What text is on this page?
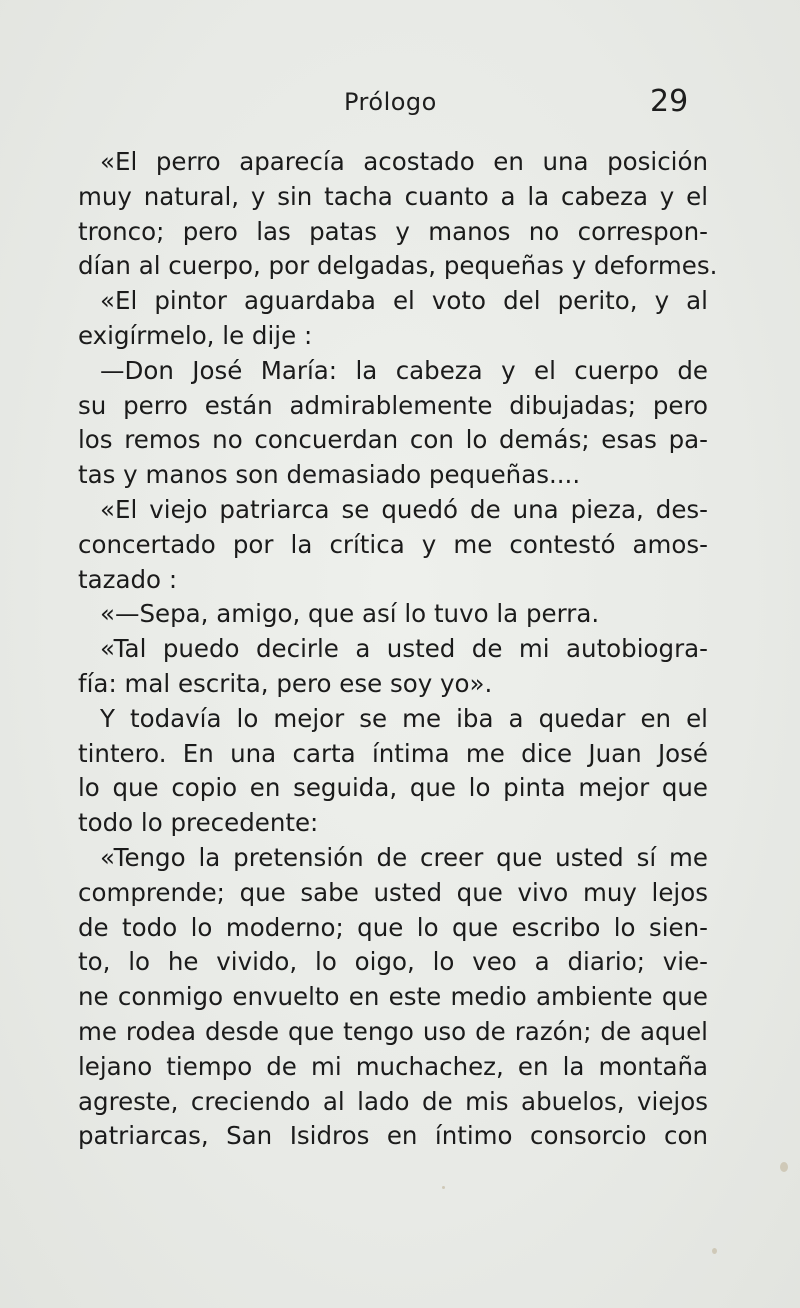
Prólogo	29
«El perro aparecía acostado en una posición
muy natural, y sin tacha cuanto a la cabeza y el
tronco; pero las patas y manos no correspon-
dían al cuerpo, por delgadas, pequeñas y deformes.
«El pintor aguardaba el voto del perito, y al
exigírmelo, le dije :
—Don José María: la cabeza y el cuerpo de
su perro están admirablemente dibujadas; pero
los remos no concuerdan con lo demás; esas pa-
tas y manos son demasiado pequeñas....
«El viejo patriarca se quedó de una pieza, des-
concertado por la crítica y me contestó amos-
tazado :
«—Sepa, amigo, que así lo tuvo la perra.
«Tal puedo decirle a usted de mi autobiogra-
fía: mal escrita, pero ese soy yo».
Y todavía lo mejor se me iba a quedar en el
tintero. En una carta íntima me dice Juan José
lo que copio en seguida, que lo pinta mejor que
todo lo precedente:
«Tengo la pretensión de creer que usted sí me
comprende; que sabe usted que vivo muy lejos
de todo lo moderno; que lo que escribo lo sien-
to, lo he vivido, lo oigo, lo veo a diario; vie-
ne conmigo envuelto en este medio ambiente que
me rodea desde que tengo uso de razón; de aquel
lejano tiempo de mi muchachez, en la montaña
agreste, creciendo al lado de mis abuelos, viejos
patriarcas, San Isidros en íntimo consorcio con
